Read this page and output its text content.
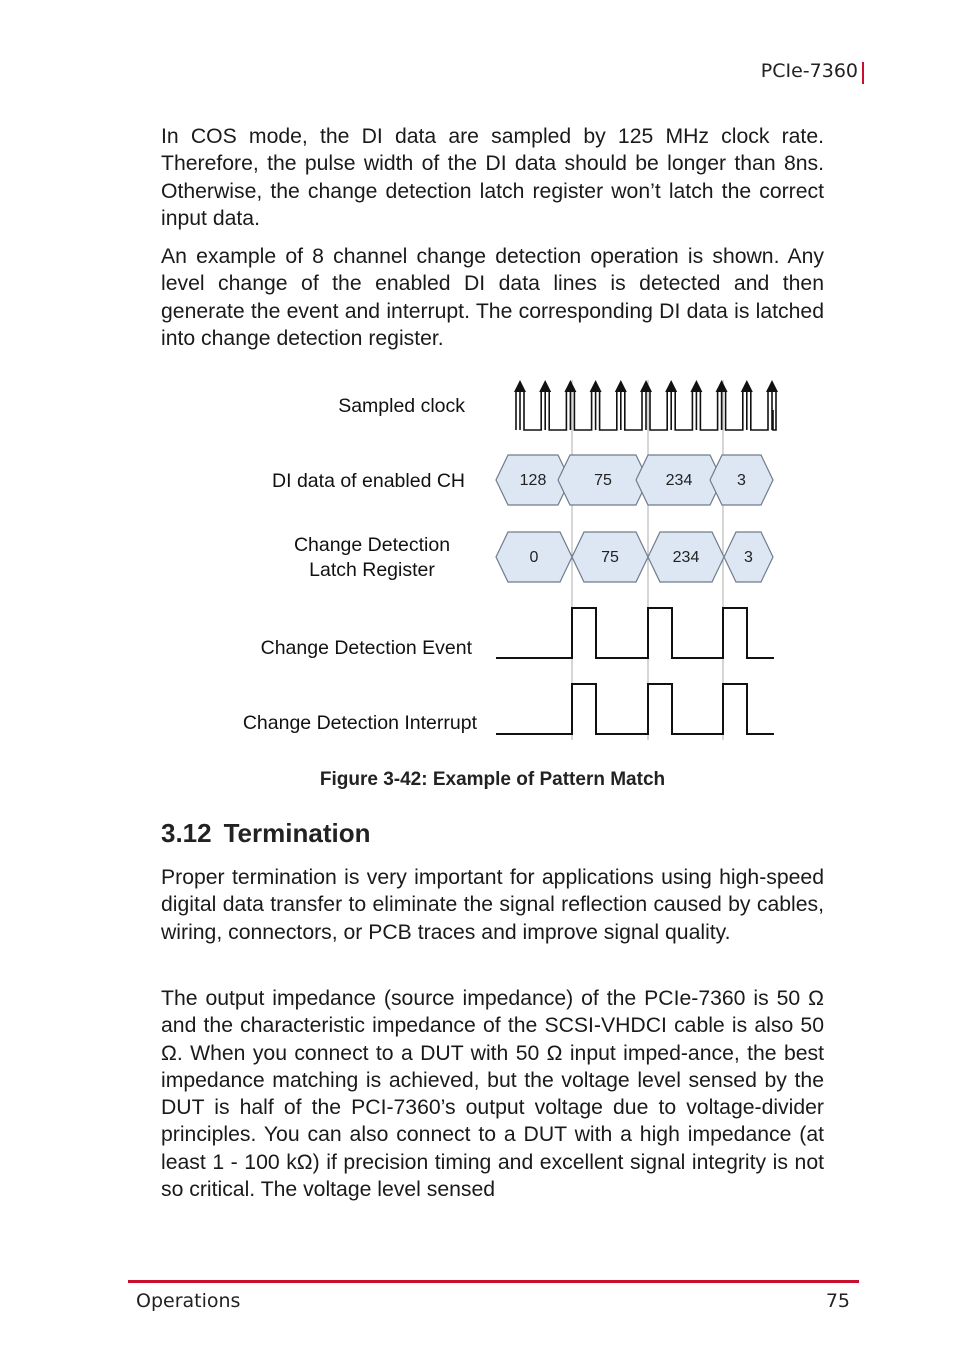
PCIe-7360

In COS mode, the DI data are sampled by 125 MHz clock rate. Therefore, the pulse width of the DI data should be longer than 8ns. Otherwise, the change detection latch register won’t latch the correct input data.

An example of 8 channel change detection operation is shown. Any level change of the enabled DI data lines is detected and then generate the event and interrupt. The corresponding DI data is latched into change detection register.

Sampled clock
DI data of enabled CH
Change Detection
Latch Register
Change Detection Event
Change Detection Interrupt
128	75	234	3
0	75	234	3
Figure 3-42: Example of Pattern Match
3.12 Termination

Proper termination is very important for applications using high-speed digital data transfer to eliminate the signal reflection caused by cables, wiring, connectors, or PCB traces and improve signal quality.

The output impedance (source impedance) of the PCIe-7360 is 50 Ω and the characteristic impedance of the SCSI-VHDCI cable is also 50 Ω. When you connect to a DUT with 50 Ω input imped-ance, the best impedance matching is achieved, but the voltage level sensed by the DUT is half of the PCI-7360’s output voltage due to voltage-divider principles. You can also connect to a DUT with a high impedance (at least 1 - 100 kΩ) if precision timing and excellent signal integrity is not so critical. The voltage level sensed

Operations	75
